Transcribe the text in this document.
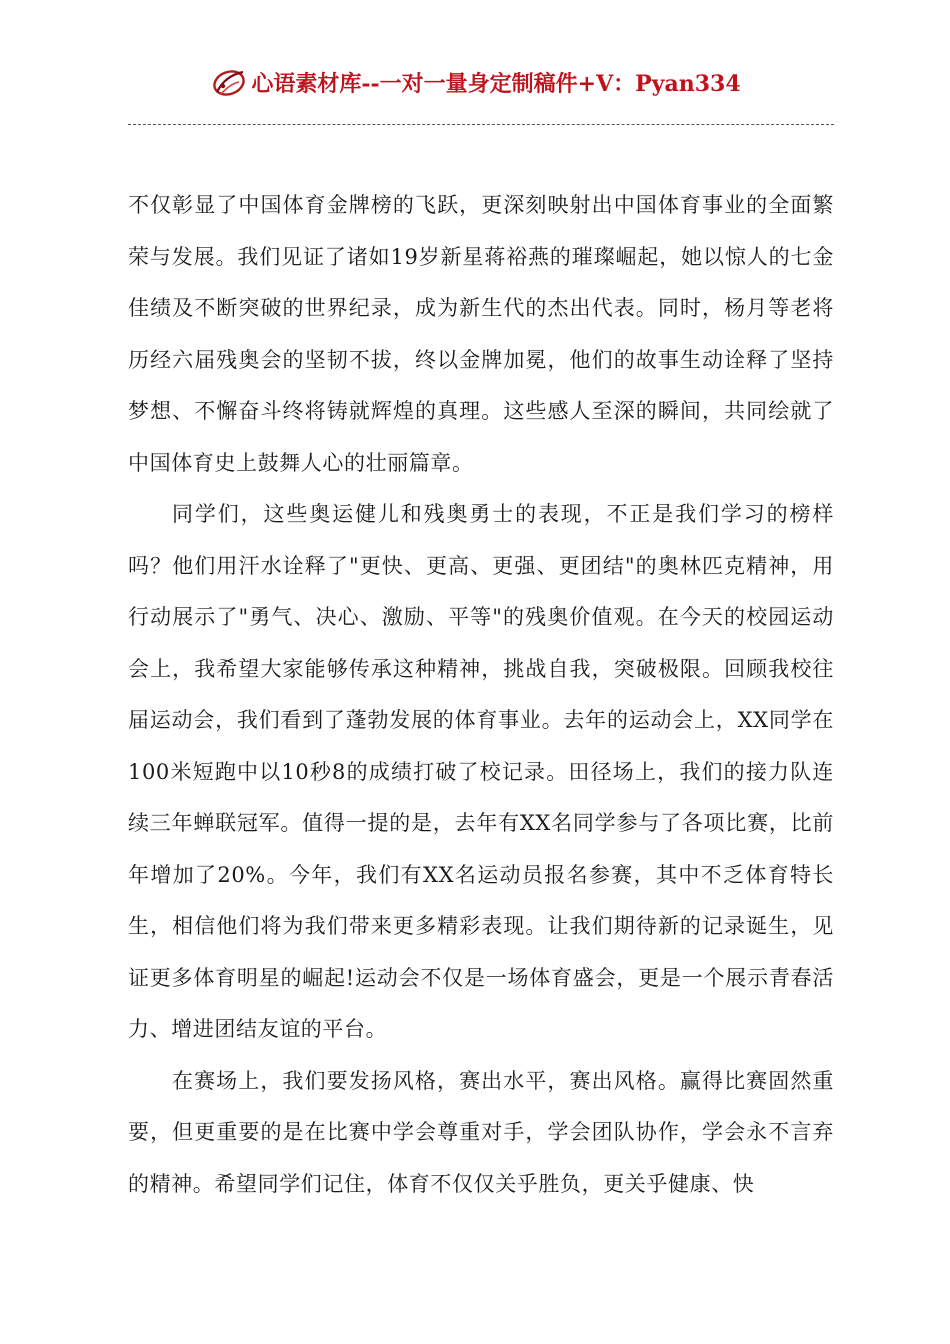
心语素材库 --一对一量身定制稿件+V：Pyan334

不仅彰显了中国体育金牌榜的飞跃，更深刻映射出中国体育事业的全面繁荣与发展。我们见证了诸如19岁新星蒋裕燕的璀璨崛起，她以惊人的七金佳绩及不断突破的世界纪录，成为新生代的杰出代表。同时，杨月等老将历经六届残奥会的坚韧不拔，终以金牌加冕，他们的故事生动诠释了坚持梦想、不懈奋斗终将铸就辉煌的真理。这些感人至深的瞬间，共同绘就了中国体育史上鼓舞人心的壮丽篇章。

同学们，这些奥运健儿和残奥勇士的表现，不正是我们学习的榜样吗？他们用汗水诠释了"更快、更高、更强、更团结"的奥林匹克精神，用行动展示了"勇气、决心、激励、平等"的残奥价值观。在今天的校园运动会上，我希望大家能够传承这种精神，挑战自我，突破极限。回顾我校往届运动会，我们看到了蓬勃发展的体育事业。去年的运动会上，XX同学在100米短跑中以10秒8的成绩打破了校记录。田径场上，我们的接力队连续三年蝉联冠军。值得一提的是，去年有XX名同学参与了各项比赛，比前年增加了20%。今年，我们有XX名运动员报名参赛，其中不乏体育特长生，相信他们将为我们带来更多精彩表现。让我们期待新的记录诞生，见证更多体育明星的崛起!运动会不仅是一场体育盛会，更是一个展示青春活力、增进团结友谊的平台。

在赛场上，我们要发扬风格，赛出水平，赛出风格。赢得比赛固然重要，但更重要的是在比赛中学会尊重对手，学会团队协作，学会永不言弃的精神。希望同学们记住，体育不仅仅关乎胜负，更关乎健康、快
